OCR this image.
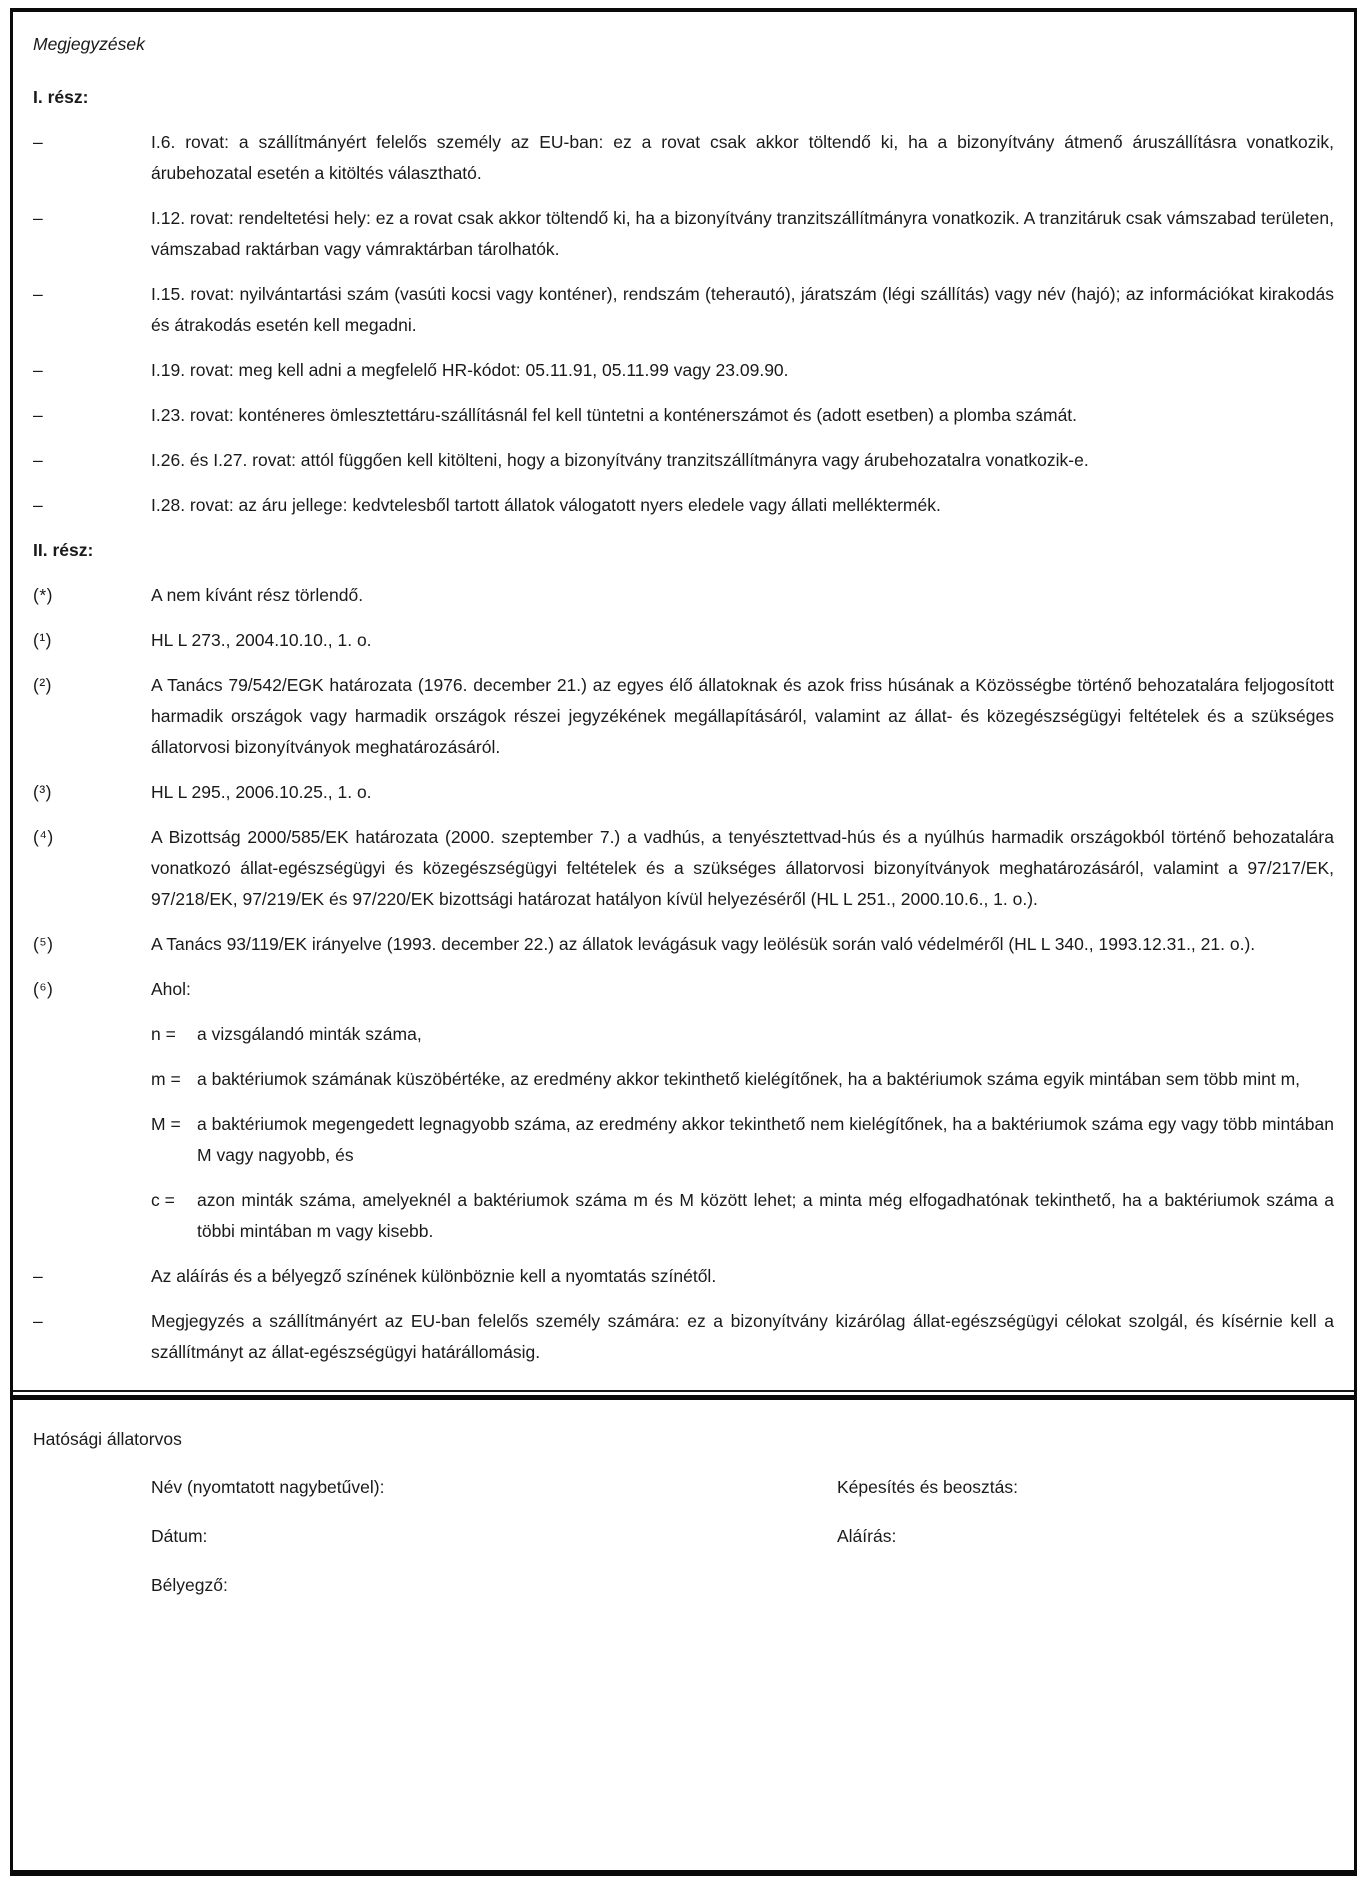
Megjegyzések
I. rész:
–	I.6. rovat: a szállítmányért felelős személy az EU-ban: ez a rovat csak akkor töltendő ki, ha a bizonyítvány átmenő áruszállításra vonatkozik, árubehozatal esetén a kitöltés választható.
–	I.12. rovat: rendeltetési hely: ez a rovat csak akkor töltendő ki, ha a bizonyítvány tranzitszállítmányra vonatkozik. A tranzitáruk csak vámszabad területen, vámszabad raktárban vagy vámraktárban tárolhatók.
–	I.15. rovat: nyilvántartási szám (vasúti kocsi vagy konténer), rendszám (teherautó), járatszám (légi szállítás) vagy név (hajó); az információkat kirakodás és átrakodás esetén kell megadni.
–	I.19. rovat: meg kell adni a megfelelő HR-kódot: 05.11.91, 05.11.99 vagy 23.09.90.
–	I.23. rovat: konténeres ömlesztettáru-szállításnál fel kell tüntetni a konténerszámot és (adott esetben) a plomba számát.
–	I.26. és I.27. rovat: attól függően kell kitölteni, hogy a bizonyítvány tranzitszállítmányra vagy árubehozatalra vonatkozik-e.
–	I.28. rovat: az áru jellege: kedvtelesből tartott állatok válogatott nyers eledele vagy állati melléktermék.
II. rész:
(*)	A nem kívánt rész törlendő.
(¹)	HL L 273., 2004.10.10., 1. o.
(²)	A Tanács 79/542/EGK határozata (1976. december 21.) az egyes élő állatoknak és azok friss húsának a Közösségbe történő behozatalára feljogosított harmadik országok vagy harmadik országok részei jegyzékének megállapításáról, valamint az állat- és közegészségügyi feltételek és a szükséges állatorvosi bizonyítványok meghatározásáról.
(³)	HL L 295., 2006.10.25., 1. o.
(⁴)	A Bizottság 2000/585/EK határozata (2000. szeptember 7.) a vadhús, a tenyésztettvad-hús és a nyúlhús harmadik országokból történő behozatalára vonatkozó állat-egészségügyi és közegészségügyi feltételek és a szükséges állatorvosi bizonyítványok meghatározásáról, valamint a 97/217/EK, 97/218/EK, 97/219/EK és 97/220/EK bizottsági határozat hatályon kívül helyezéséről (HL L 251., 2000.10.6., 1. o.).
(⁵)	A Tanács 93/119/EK irányelve (1993. december 22.) az állatok levágásuk vagy leölésük során való védelméről (HL L 340., 1993.12.31., 21. o.).
(⁶)	Ahol:
n =	a vizsgálandó minták száma,
m = a baktériumok számának küszöbértéke, az eredmény akkor tekinthető kielégítőnek, ha a baktériumok száma egyik mintában sem több mint m,
M = a baktériumok megengedett legnagyobb száma, az eredmény akkor tekinthető nem kielégítőnek, ha a baktériumok száma egy vagy több mintában M vagy nagyobb, és
c =	azon minták száma, amelyeknél a baktériumok száma m és M között lehet; a minta még elfogadhatónak tekinthető, ha a baktériumok száma a többi mintában m vagy kisebb.
–	Az aláírás és a bélyegző színének különböznie kell a nyomtatás színétől.
–	Megjegyzés a szállítmányért az EU-ban felelős személy számára: ez a bizonyítvány kizárólag állat-egészségügyi célokat szolgál, és kísérnie kell a szállítmányt az állat-egészségügyi határállomásig.
Hatósági állatorvos
Név (nyomtatott nagybetűvel):	Képesítés és beosztás:
Dátum:	Aláírás:
Bélyegző:
